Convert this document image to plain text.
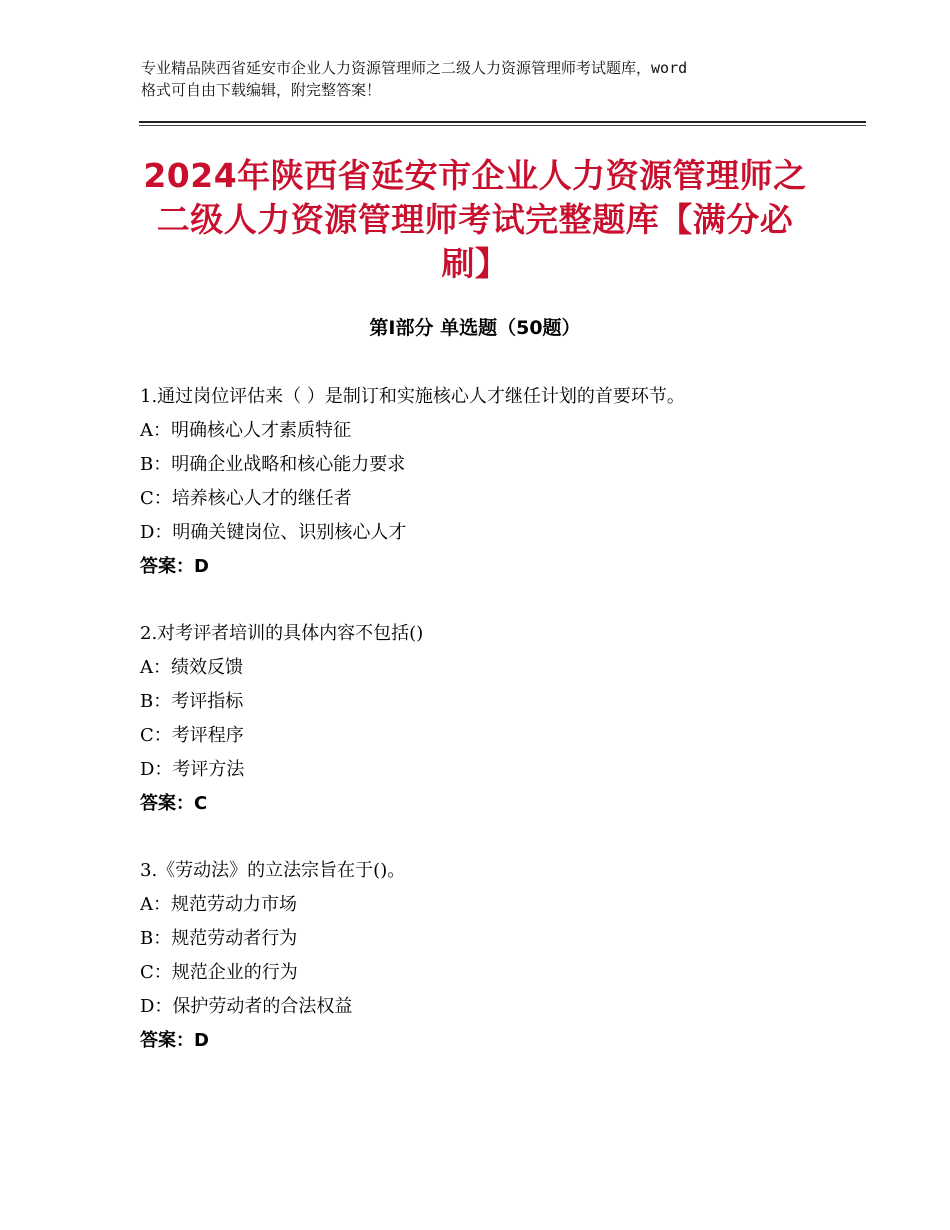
专业精品陕西省延安市企业人力资源管理师之二级人力资源管理师考试题库，word
格式可自由下载编辑，附完整答案！
2024年陕西省延安市企业人力资源管理师之
二级人力资源管理师考试完整题库【满分必
刷】
第Ⅰ部分 单选题（50题）
1.通过岗位评估来（ ）是制订和实施核心人才继任计划的首要环节。
A：明确核心人才素质特征
B：明确企业战略和核心能力要求
C：培养核心人才的继任者
D：明确关键岗位、识别核心人才
答案：D
2.对考评者培训的具体内容不包括()
A：绩效反馈
B：考评指标
C：考评程序
D：考评方法
答案：C
3.《劳动法》的立法宗旨在于()。
A：规范劳动力市场
B：规范劳动者行为
C：规范企业的行为
D：保护劳动者的合法权益
答案：D
